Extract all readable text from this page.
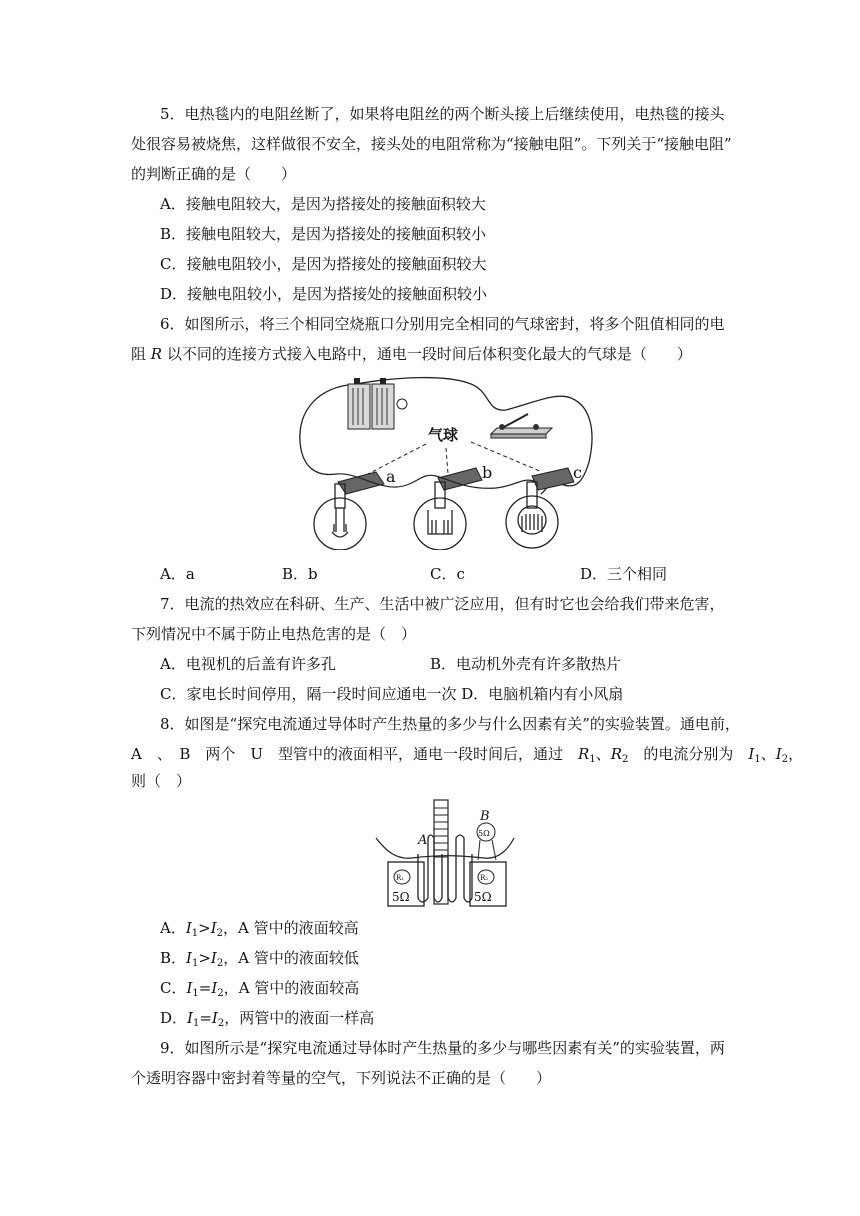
5．电热毯内的电阻丝断了，如果将电阻丝的两个断头接上后继续使用，电热毯的接头
处很容易被烧焦，这样做很不安全，接头处的电阻常称为“接触电阻”。下列关于“接触电阻”
的判断正确的是（　　）
A．接触电阻较大，是因为搭接处的接触面积较大
B．接触电阻较大，是因为搭接处的接触面积较小
C．接触电阻较小，是因为搭接处的接触面积较大
D．接触电阻较小，是因为搭接处的接触面积较小
6．如图所示，将三个相同空烧瓶口分别用完全相同的气球密封，将多个阻值相同的电
阻 R 以不同的连接方式接入电路中，通电一段时间后体积变化最大的气球是（　　）
气球
a	b	c
A．a	B．b	C．c	D．三个相同
7．电流的热效应在科研、生产、生活中被广泛应用，但有时它也会给我们带来危害，
下列情况中不属于防止电热危害的是（　）
A．电视机的后盖有许多孔	B．电动机外壳有许多散热片
C．家电长时间停用，隔一段时间应通电一次 D．电脑机箱内有小风扇
8．如图是“探究电流通过导体时产生热量的多少与什么因素有关”的实验装置。通电前，
A　、　B　两个　U　型管中的液面相平，通电一段时间后，通过　$R_1$、$R_2$　 的电流分别为　 $I_1$、$I_2$，
则（　）
R₁
5Ω
R₂
5Ω
A	5Ω
B
A．$I_1>I_2$，A 管中的液面较高
B．$I_1>I_2$，A 管中的液面较低
C．$I_1=I_2$，A 管中的液面较高
D．$I_1=I_2$，两管中的液面一样高
9．如图所示是“探究电流通过导体时产生热量的多少与哪些因素有关”的实验装置，两
个透明容器中密封着等量的空气，下列说法不正确的是（　　）
